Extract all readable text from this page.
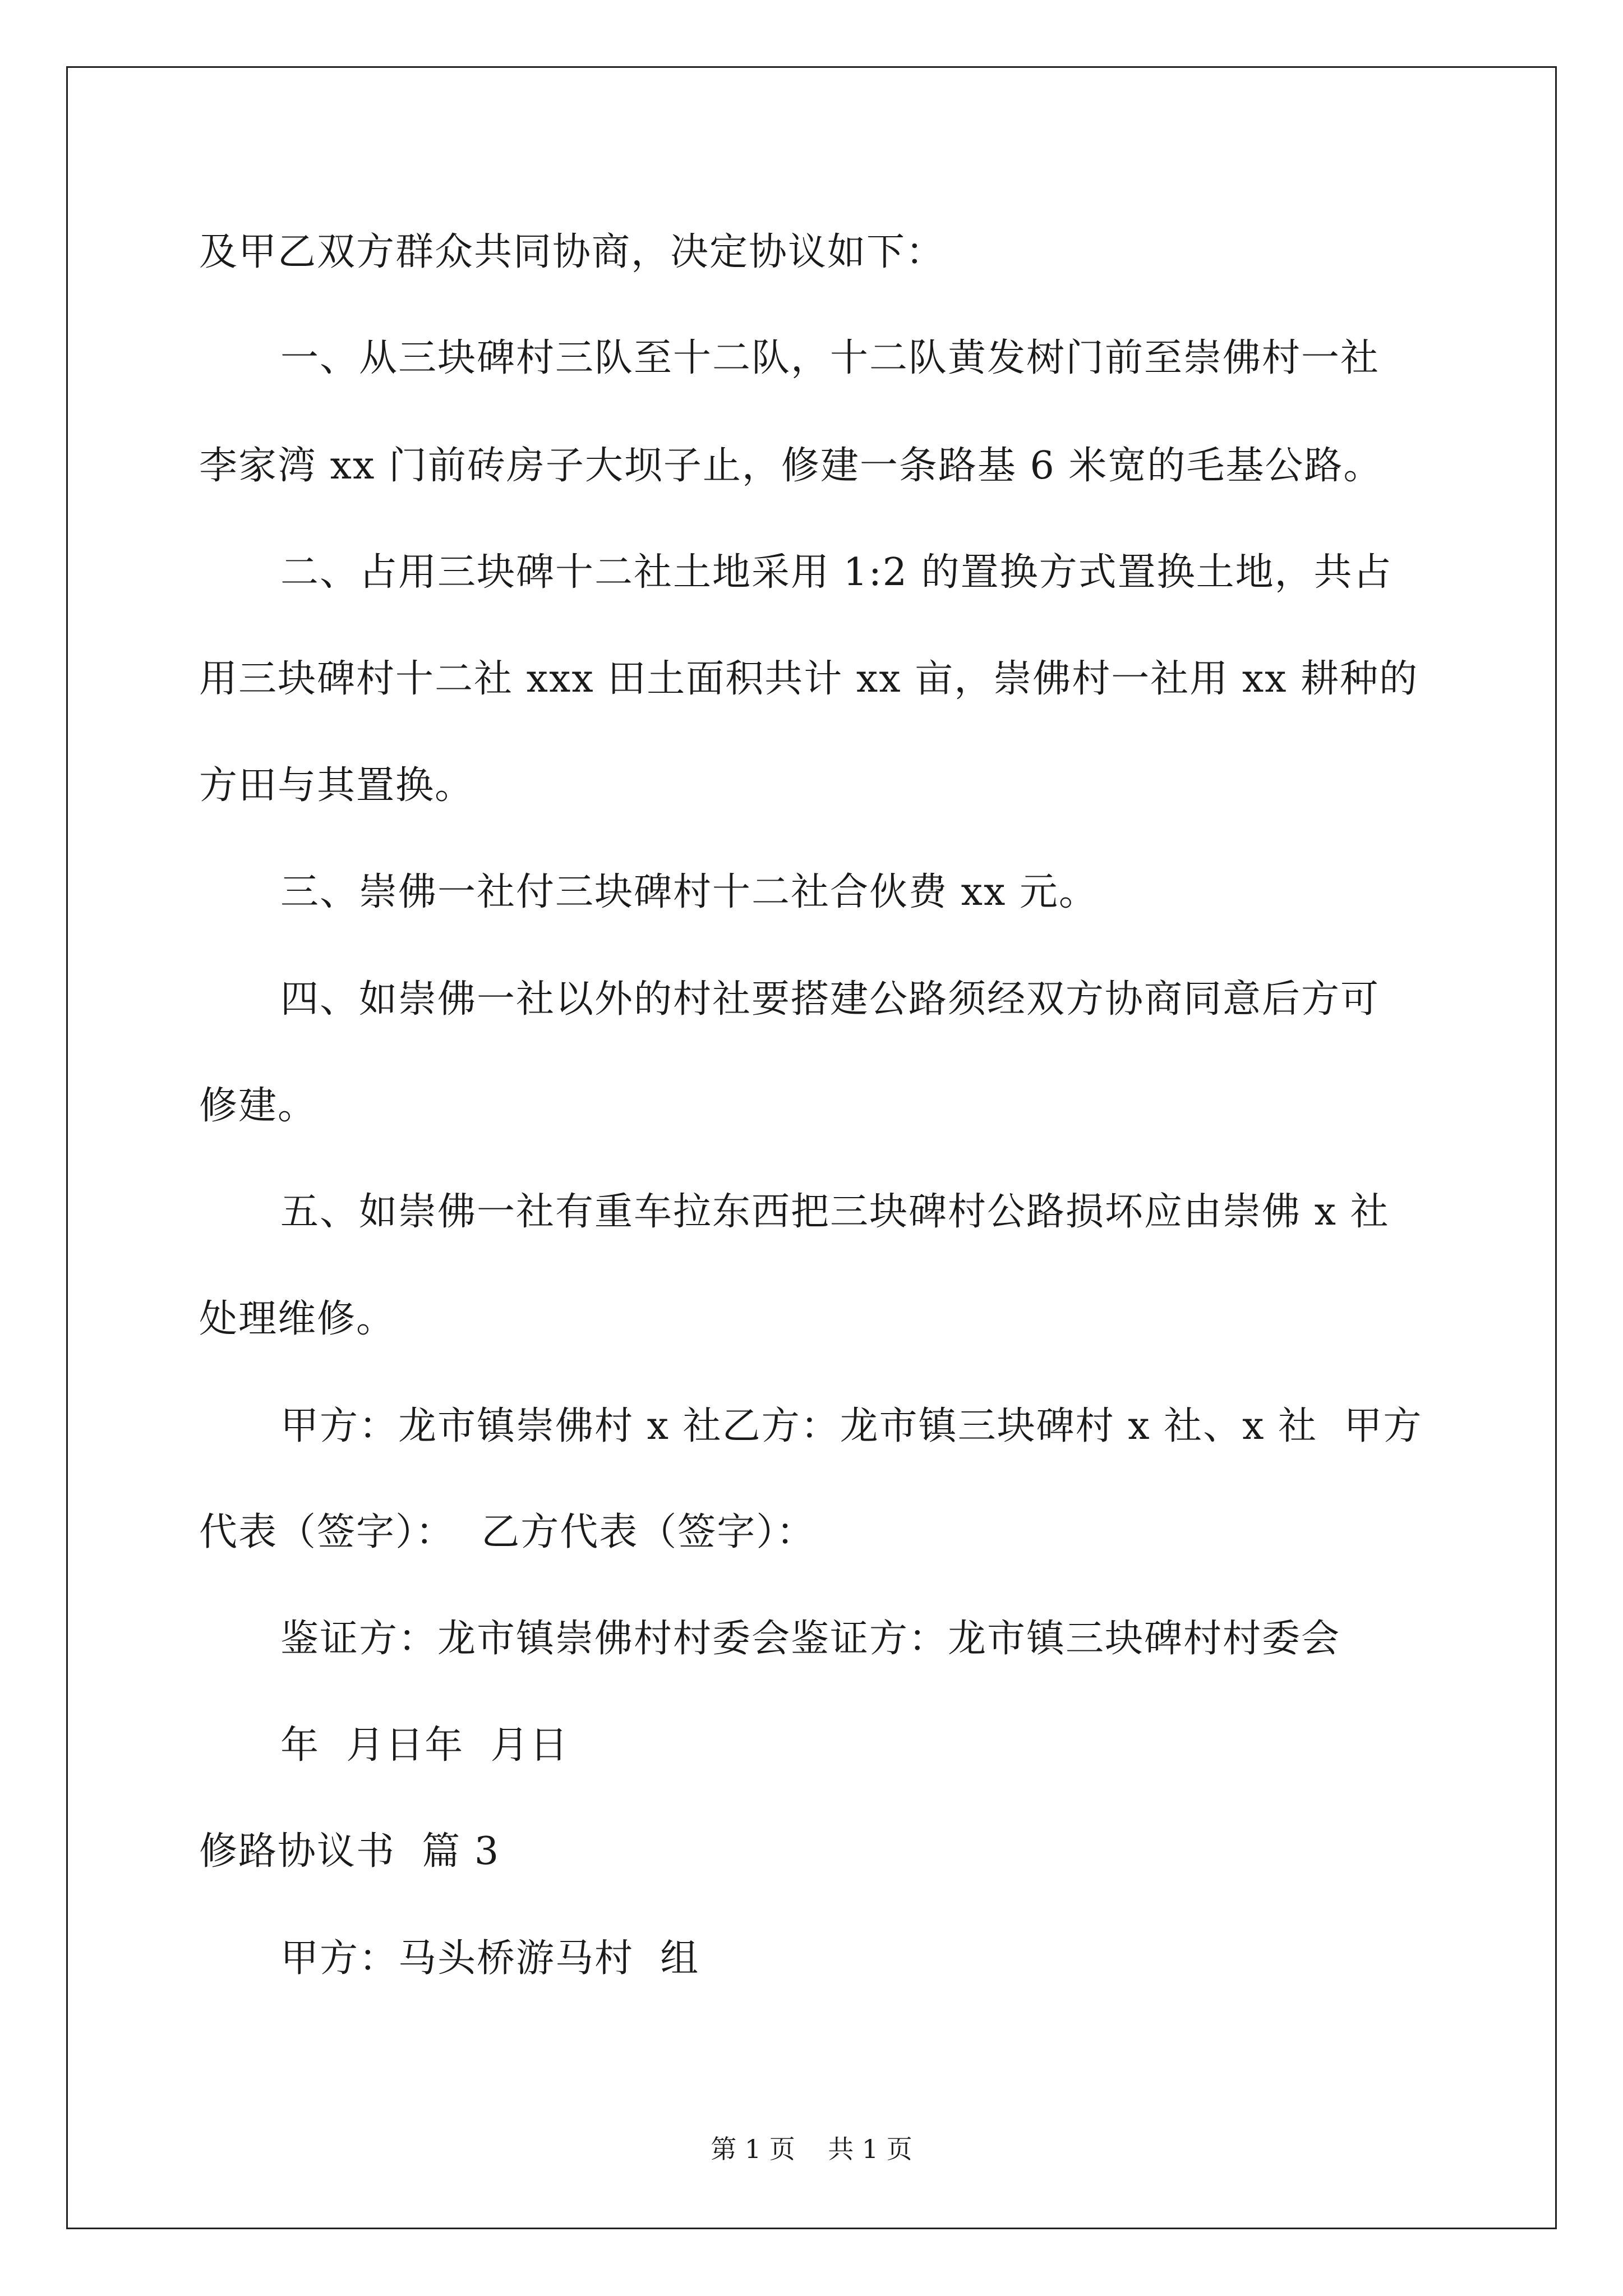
及甲乙双方群众共同协商，决定协议如下：
一、从三块碑村三队至十二队，十二队黄发树门前至崇佛村一社
李家湾 xx 门前砖房子大坝子止，修建一条路基 6 米宽的毛基公路。
二、占用三块碑十二社土地采用 1:2 的置换方式置换土地，共占
用三块碑村十二社 xxx 田土面积共计 xx 亩，崇佛村一社用 xx 耕种的
方田与其置换。
三、崇佛一社付三块碑村十二社合伙费 xx 元。
四、如崇佛一社以外的村社要搭建公路须经双方协商同意后方可
修建。
五、如崇佛一社有重车拉东西把三块碑村公路损坏应由崇佛 x 社
处理维修。
甲方：龙市镇崇佛村 x 社乙方：龙市镇三块碑村 x 社、x 社  甲方
代表（签字）：  乙方代表（签字）：
鉴证方：龙市镇崇佛村村委会鉴证方：龙市镇三块碑村村委会
年  月日年  月日
修路协议书  篇 3
甲方：马头桥游马村  组
第 1 页    共 1 页
